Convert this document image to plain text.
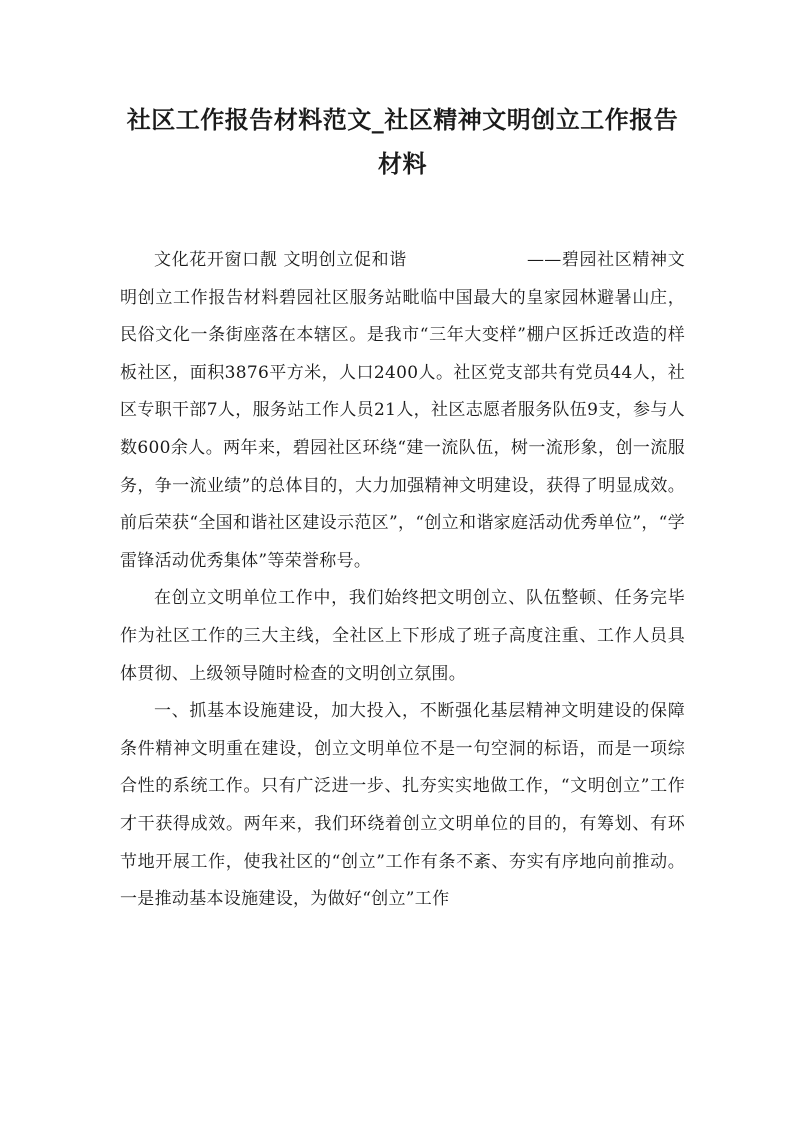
社区工作报告材料范文_社区精神文明创立工作报告材料

文化花开窗口靓 文明创立促和谐	——碧园社区精神文明创立工作报告材料碧园社区服务站毗临中国最大的皇家园林避暑山庄，民俗文化一条街座落在本辖区。是我市“三年大变样”棚户区拆迁改造的样板社区，面积3876平方米，人口2400人。社区党支部共有党员44人，社区专职干部7人，服务站工作人员21人，社区志愿者服务队伍9支，参与人数600余人。两年来，碧园社区环绕“建一流队伍，树一流形象，创一流服务，争一流业绩”的总体目的，大力加强精神文明建设，获得了明显成效。前后荣获“全国和谐社区建设示范区”，“创立和谐家庭活动优秀单位”，“学雷锋活动优秀集体”等荣誉称号。

在创立文明单位工作中，我们始终把文明创立、队伍整顿、任务完毕作为社区工作的三大主线，全社区上下形成了班子高度注重、工作人员具体贯彻、上级领导随时检查的文明创立氛围。

一、抓基本设施建设，加大投入，不断强化基层精神文明建设的保障条件精神文明重在建设，创立文明单位不是一句空洞的标语，而是一项综合性的系统工作。只有广泛进一步、扎夯实实地做工作，“文明创立”工作才干获得成效。两年来，我们环绕着创立文明单位的目的，有筹划、有环节地开展工作，使我社区的“创立”工作有条不紊、夯实有序地向前推动。一是推动基本设施建设，为做好“创立”工作
